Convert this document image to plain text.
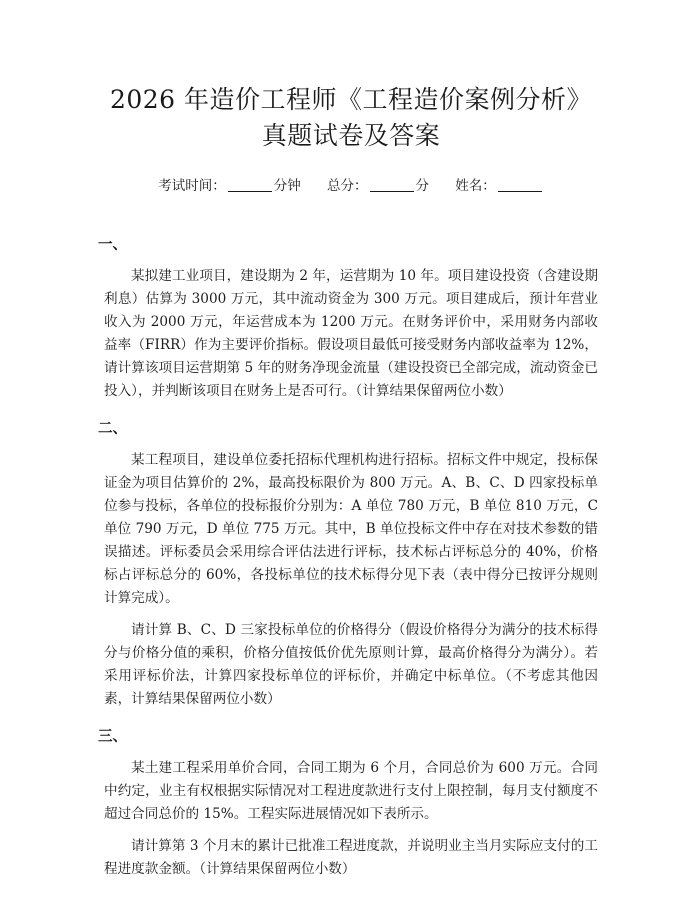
2026 年造价工程师《工程造价案例分析》真题试卷及答案
考试时间：	分钟 总分：	分 姓名：
一、

某拟建工业项目，建设期为 2 年，运营期为 10 年。项目建设投资（含建设期利息）估算为 3000 万元，其中流动资金为 300 万元。项目建成后，预计年营业收入为 2000 万元，年运营成本为 1200 万元。在财务评价中，采用财务内部收益率（FIRR）作为主要评价指标。假设项目最低可接受财务内部收益率为 12%，请计算该项目运营期第 5 年的财务净现金流量（建设投资已全部完成，流动资金已投入），并判断该项目在财务上是否可行。（计算结果保留两位小数）

二、

某工程项目，建设单位委托招标代理机构进行招标。招标文件中规定，投标保证金为项目估算价的 2%，最高投标限价为 800 万元。A、B、C、D 四家投标单位参与投标，各单位的投标报价分别为：A 单位 780 万元，B 单位 810 万元，C 单位 790 万元，D 单位 775 万元。其中，B 单位投标文件中存在对技术参数的错误描述。评标委员会采用综合评估法进行评标，技术标占评标总分的 40%，价格标占评标总分的 60%，各投标单位的技术标得分见下表（表中得分已按评分规则计算完成）。

请计算 B、C、D 三家投标单位的价格得分（假设价格得分为满分的技术标得分与价格分值的乘积，价格分值按低价优先原则计算，最高价格得分为满分）。若采用评标价法，计算四家投标单位的评标价，并确定中标单位。（不考虑其他因素，计算结果保留两位小数）

三、

某土建工程采用单价合同，合同工期为 6 个月，合同总价为 600 万元。合同中约定，业主有权根据实际情况对工程进度款进行支付上限控制，每月支付额度不超过合同总价的 15%。工程实际进展情况如下表所示。

请计算第 3 个月末的累计已批准工程进度款，并说明业主当月实际应支付的工程进度款金额。（计算结果保留两位小数）
